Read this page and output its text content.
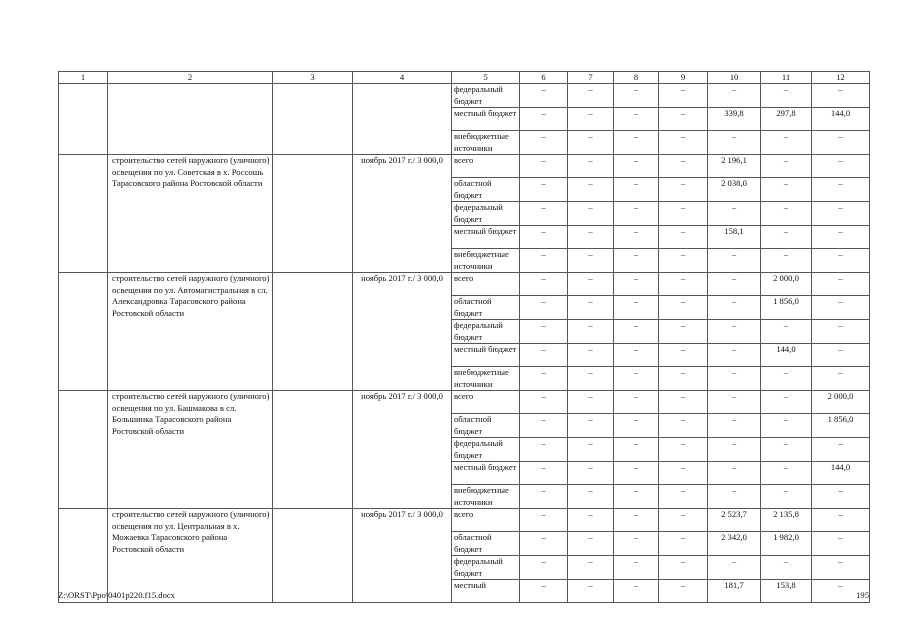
1	2	3	4	5	6	7	8	9	10	11	12
				федеральный бюджет	–	–	–	–	–	–	–
				местный бюджет	–	–	–	–	339,8	297,8	144,0
				внебюджетные источники	–	–	–	–	–	–	–
	строительство сетей наружного (уличного) освещения по ул. Советская в х. Россошь Тарасовского района Ростовской области		ноябрь 2017 г./ 3 000,0	всего	–	–	–	–	2 196,1	–	–
				областной бюджет	–	–	–	–	2 038,0	–	–
				федеральный бюджет	–	–	–	–	–	–	–
				местный бюджет	–	–	–	–	158,1	–	–
				внебюджетные источники	–	–	–	–	–	–	–
	строительство сетей наружного (уличного) освещения по ул. Автомагистральная в сл. Александровка Тарасовского района Ростовской области		ноябрь 2017 г./ 3 000,0	всего	–	–	–	–	–	2 000,0	–
				областной бюджет	–	–	–	–	–	1 856,0	–
				федеральный бюджет	–	–	–	–	–	–	–
				местный бюджет	–	–	–	–	–	144,0	–
				внебюджетные источники	–	–	–	–	–	–	–
	строительство сетей наружного (уличного) освещения по ул. Башмакова в сл. Большинка Тарасовского района Ростовской области		ноябрь 2017 г./ 3 000,0	всего	–	–	–	–	–	–	2 000,0
				областной бюджет	–	–	–	–	–	–	1 856,0
				федеральный бюджет	–	–	–	–	–	–	–
				местный бюджет	–	–	–	–	–	–	144,0
				внебюджетные источники	–	–	–	–	–	–	–
	строительство сетей наружного (уличного) освещения по ул. Центральная в х. Можаевка Тарасовского района Ростовской области		ноябрь 2017 г./ 3 000,0	всего	–	–	–	–	2 523,7	2 135,8	–
				областной бюджет	–	–	–	–	2 342,0	1 982,0	–
				федеральный бюджет	–	–	–	–	–	–	–
				местный	–	–	–	–	181,7	153,8	–
Z:\ORST\Ppo\0401p220.f15.docx	195
